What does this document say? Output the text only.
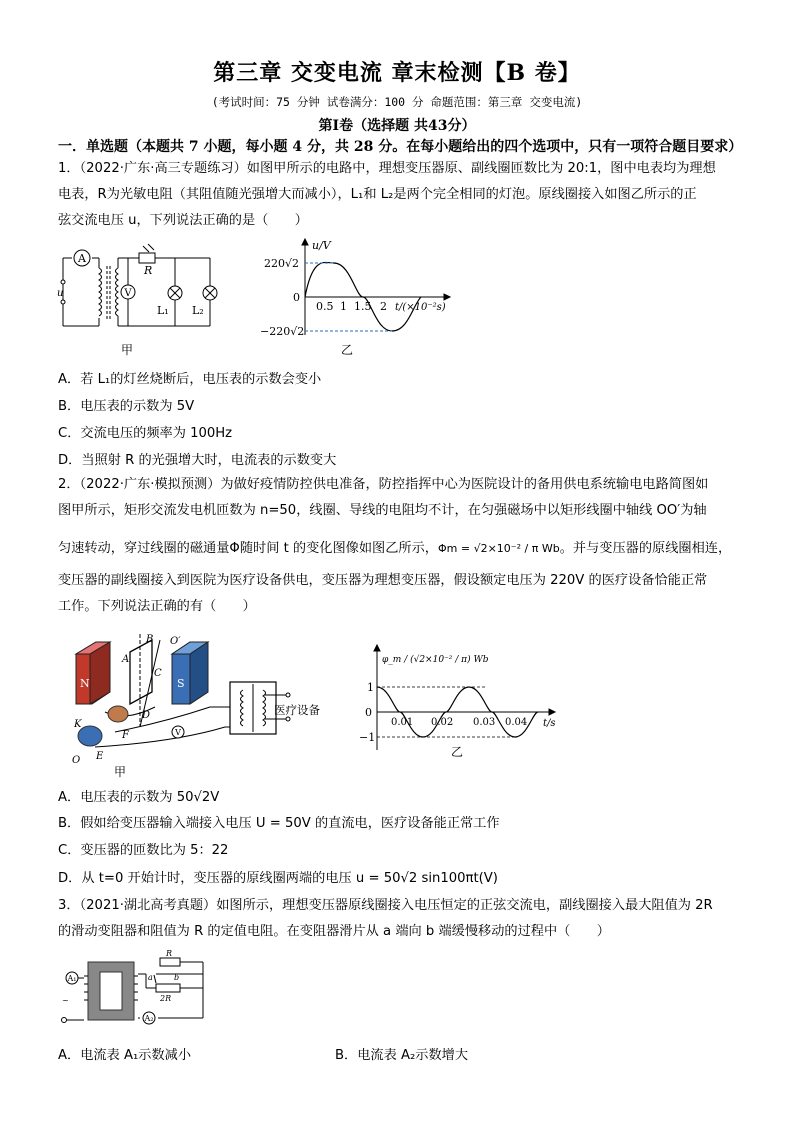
第三章 交变电流 章末检测【B 卷】
(考试时间：75 分钟 试卷满分：100 分 命题范围：第三章 交变电流)
第Ⅰ卷（选择题 共43分）
一．单选题（本题共 7 小题，每小题 4 分，共 28 分。在每小题给出的四个选项中，只有一项符合题目要求）
1．（2022·广东·高三专题练习）如图甲所示的电路中，理想变压器原、副线圈匝数比为 20:1，图中电表均为理想
电表，R为光敏电阻（其阻值随光强增大而减小），L₁和 L₂是两个完全相同的灯泡。原线圈接入如图乙所示的正
弦交流电压 u，下列说法正确的是（　　）
A
V
R
u
L₁ L₂
甲
u/V
220√2
−220√2
0
0.5 1 1.5 2 t/(×10⁻²s)
乙
A．若 L₁的灯丝烧断后，电压表的示数会变小
B．电压表的示数为 5V
C．交流电压的频率为 100Hz
D．当照射 R 的光强增大时，电流表的示数变大
2．（2022·广东·模拟预测）为做好疫情防控供电准备，防控指挥中心为医院设计的备用供电系统输电电路简图如
图甲所示，矩形交流发电机匝数为 n=50，线圈、导线的电阻均不计，在匀强磁场中以矩形线圈中轴线 OO′为轴
匀速转动，穿过线圈的磁通量Φ随时间 t 的变化图像如图乙所示，Φm = √2×10⁻² / π Wb。并与变压器的原线圈相连，
变压器的副线圈接入到医院为医疗设备供电，变压器为理想变压器，假设额定电压为 220V 的医疗设备恰能正常
工作。下列说法正确的有（　　）
N	S
医疗设备
V
B O′
A
C
D
F
K
E
O
甲
φ_m / (√2×10⁻² / π) Wb
1
0
−1
0.01 0.02 0.03 0.04 t/s
乙
A．电压表的示数为 50√2V
B．假如给变压器输入端接入电压 U = 50V 的直流电，医疗设备能正常工作
C．变压器的匝数比为 5：22
D．从 t=0 开始计时，变压器的原线圈两端的电压 u = 50√2 sin100πt(V)
3．（2021·湖北高考真题）如图所示，理想变压器原线圈接入电压恒定的正弦交流电，副线圈接入最大阻值为 2R
的滑动变阻器和阻值为 R 的定值电阻。在变阻器滑片从 a 端向 b 端缓慢移动的过程中（　　）
A₁
A₂
R
2R
a	b
~
A．电流表 A₁示数减小	B．电流表 A₂示数增大
